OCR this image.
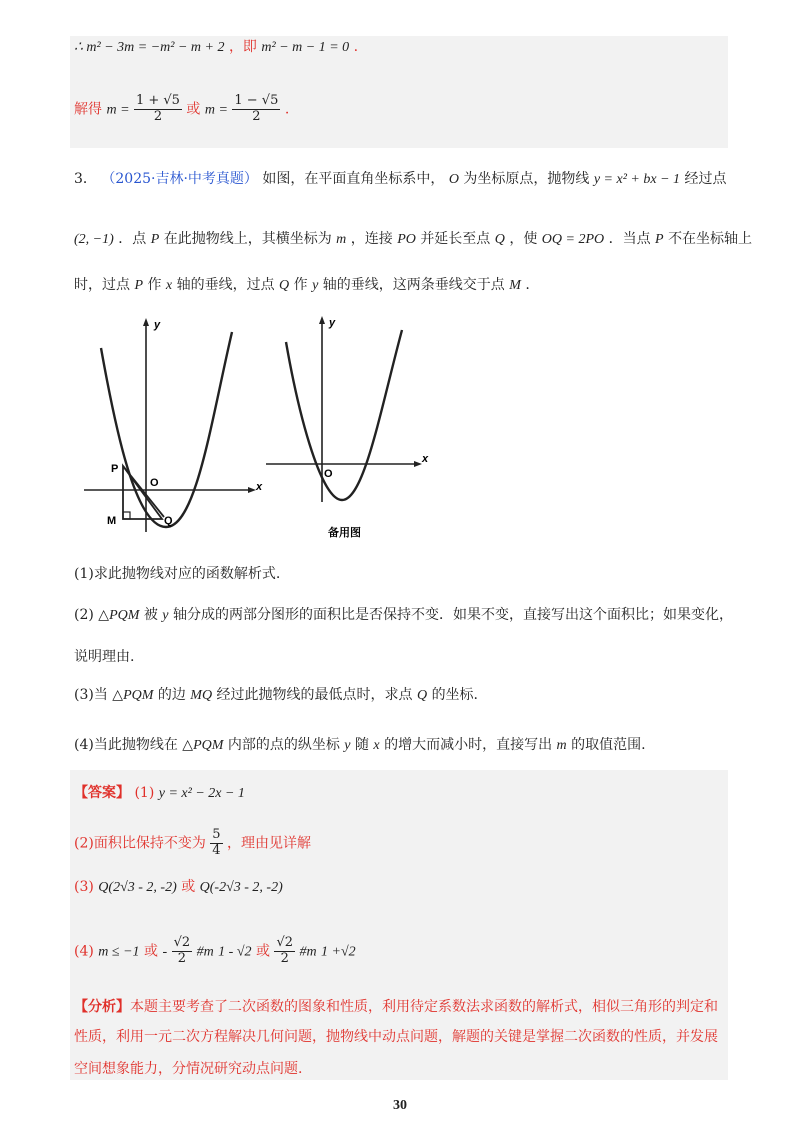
∴ m² − 3m = −m² − m + 2 ，即 m² − m − 1 = 0 .
解得 $m = \frac{1 + √5}{2}$ 或 $m = \frac{1 - √5}{2}$ .
3． （2025·吉林·中考真题） 如图，在平面直角坐标系中， O 为坐标原点，抛物线 y = x² + bx − 1 经过点
(2, −1) ．点 P 在此抛物线上，其横坐标为 m ，连接 PO 并延长至点 Q ，使 OQ = 2PO ．当点 P 不在坐标轴上
时，过点 P 作 x 轴的垂线，过点 Q 作 y 轴的垂线，这两条垂线交于点 M .
y
x
P
O
M	Q
y
x
O
备用图
(1)求此抛物线对应的函数解析式.
(2) △PQM 被 y 轴分成的两部分图形的面积比是否保持不变．如果不变，直接写出这个面积比；如果变化，
说明理由.
(3)当 △PQM 的边 MQ 经过此抛物线的最低点时，求点 Q 的坐标.
(4)当此抛物线在 △PQM 内部的点的纵坐标 y 随 x 的增大而减小时，直接写出 m 的取值范围.
【答案】 (1) y = x² − 2x − 1
(2)面积比保持不变为 $\frac{5}{4}$ ，理由见详解
(3) Q(2√3 - 2, -2) 或 Q(-2√3 - 2, -2)
(4) m ≤ −1 或 - $\frac{√2}{2}$ #m 1 - √2 或 $\frac{√2}{2}$ #m 1 +√2
【分析】本题主要考查了二次函数的图象和性质，利用待定系数法求函数的解析式，相似三角形的判定和
性质，利用一元二次方程解决几何问题，抛物线中动点问题，解题的关键是掌握二次函数的性质，并发展
空间想象能力，分情况研究动点问题.
30
